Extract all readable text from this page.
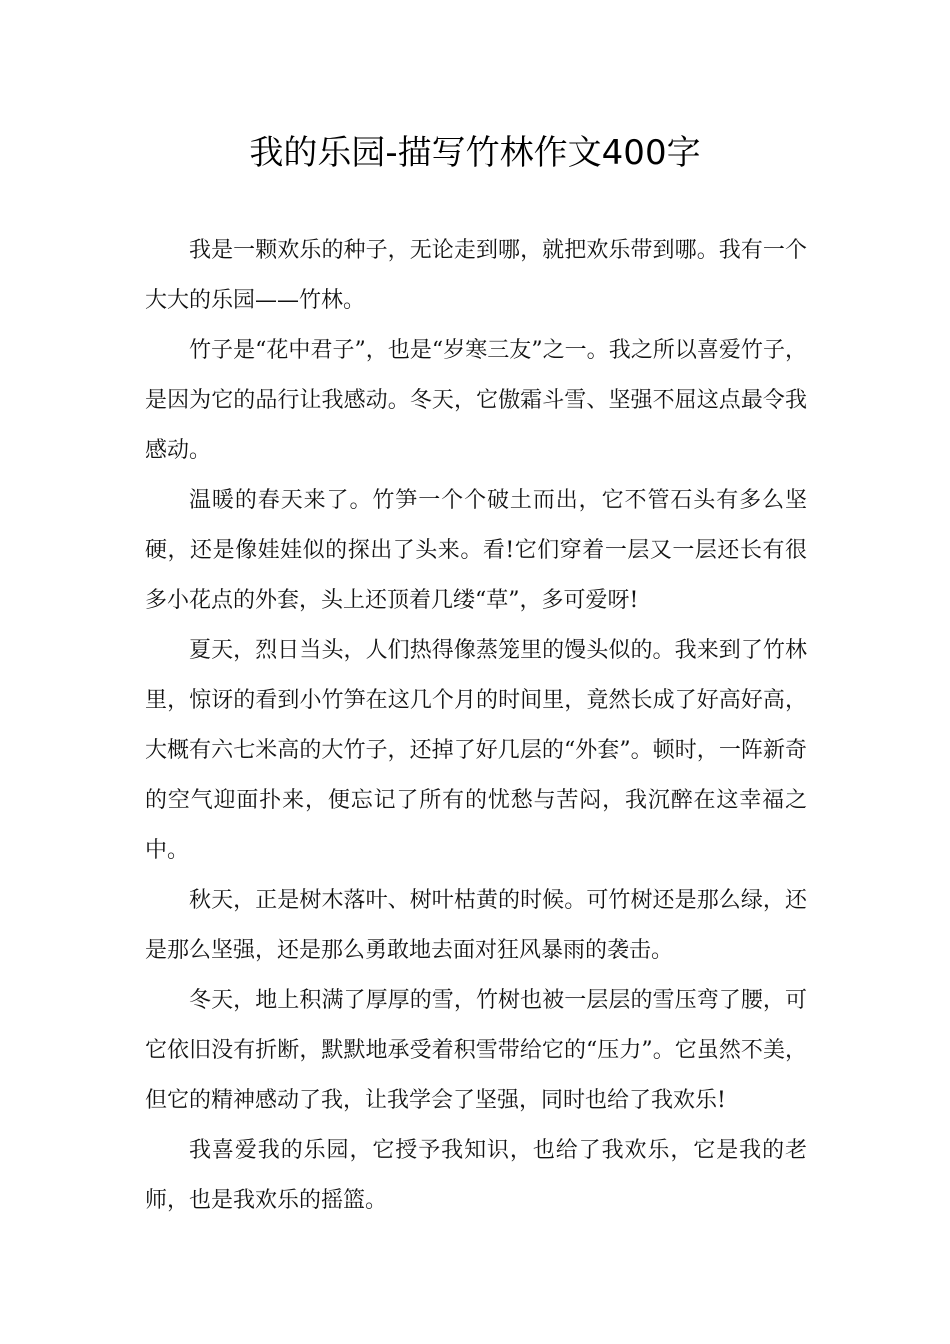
我的乐园-描写竹林作文400字

我是一颗欢乐的种子，无论走到哪，就把欢乐带到哪。我有一个大大的乐园——竹林。

竹子是“花中君子”，也是“岁寒三友”之一。我之所以喜爱竹子，是因为它的品行让我感动。冬天，它傲霜斗雪、坚强不屈这点最令我感动。

温暖的春天来了。竹笋一个个破土而出，它不管石头有多么坚硬，还是像娃娃似的探出了头来。看!它们穿着一层又一层还长有很多小花点的外套，头上还顶着几缕“草”，多可爱呀!

夏天，烈日当头，人们热得像蒸笼里的馒头似的。我来到了竹林里，惊讶的看到小竹笋在这几个月的时间里，竟然长成了好高好高，大概有六七米高的大竹子，还掉了好几层的“外套”。顿时，一阵新奇的空气迎面扑来，便忘记了所有的忧愁与苦闷，我沉醉在这幸福之中。

秋天，正是树木落叶、树叶枯黄的时候。可竹树还是那么绿，还是那么坚强，还是那么勇敢地去面对狂风暴雨的袭击。

冬天，地上积满了厚厚的雪，竹树也被一层层的雪压弯了腰，可它依旧没有折断，默默地承受着积雪带给它的“压力”。它虽然不美，但它的精神感动了我，让我学会了坚强，同时也给了我欢乐!

我喜爱我的乐园，它授予我知识，也给了我欢乐，它是我的老师，也是我欢乐的摇篮。
